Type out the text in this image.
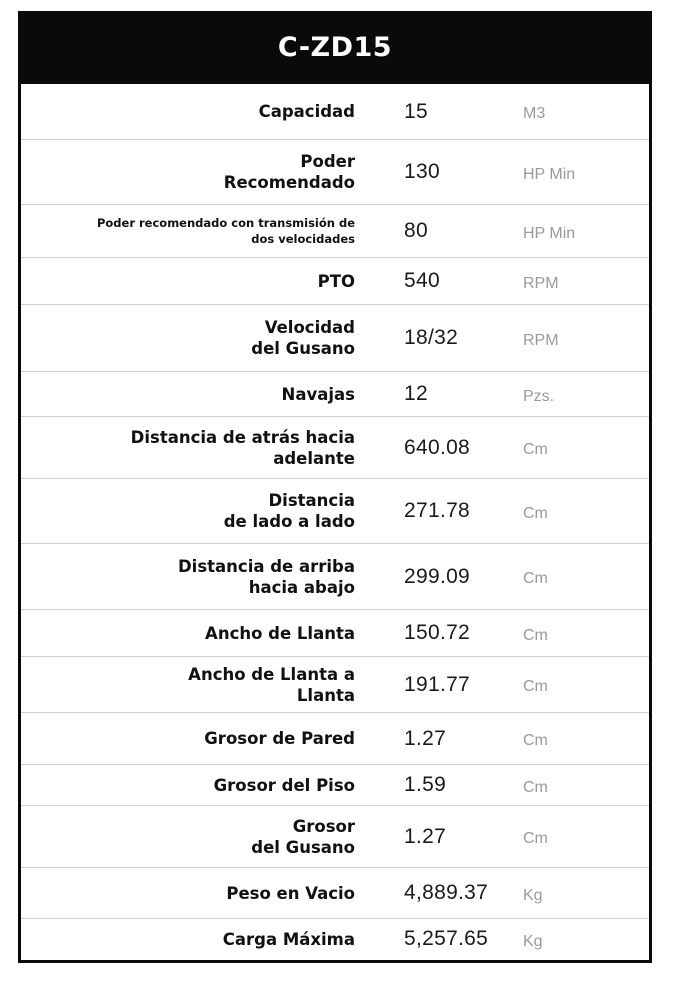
C-ZD15
Capacidad 15	M3
Poder
Recomendado 130	HP Min
Poder recomendado con transmisión de
dos velocidades 80	HP Min
PTO 540	RPM
Velocidad
del Gusano 18/32	RPM
Navajas 12	Pzs.
Distancia de atrás hacia
adelante 640.08	Cm
Distancia
de lado a lado 271.78	Cm
Distancia de arriba
hacia abajo 299.09	Cm
Ancho de Llanta 150.72	Cm
Ancho de Llanta a
Llanta 191.77	Cm
Grosor de Pared 1.27	Cm
Grosor del Piso 1.59	Cm
Grosor
del Gusano 1.27	Cm
Peso en Vacio 4,889.37 Kg
Carga Máxima 5,257.65 Kg
